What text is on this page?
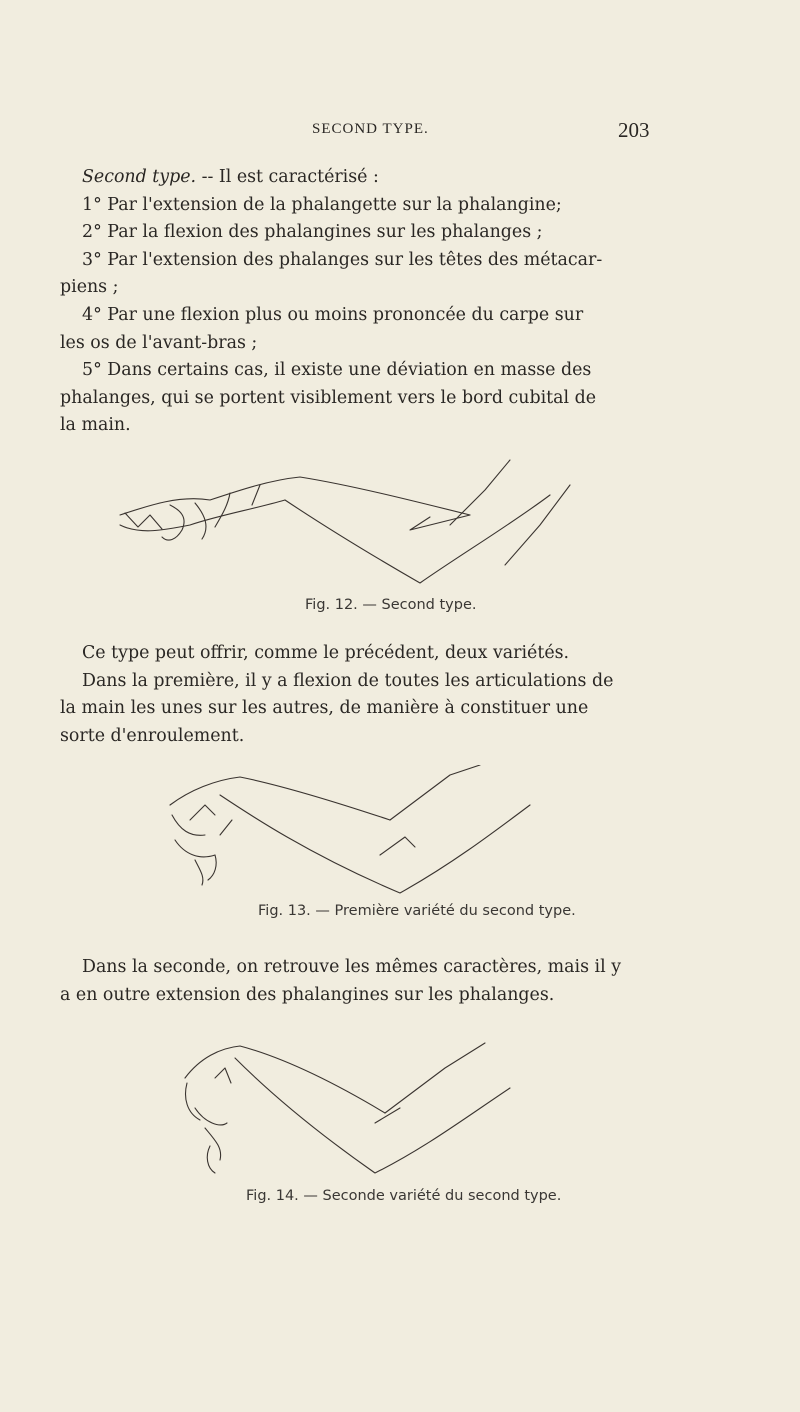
SECOND TYPE.	203
Second type. -- Il est caractérisé :
1° Par l'extension de la phalangette sur la phalangine;
2° Par la flexion des phalangines sur les phalanges ;
3° Par l'extension des phalanges sur les têtes des métacar-
piens ;
4° Par une flexion plus ou moins prononcée du carpe sur
les os de l'avant-bras ;
5° Dans certains cas, il existe une déviation en masse des
phalanges, qui se portent visiblement vers le bord cubital de
la main.
Fig. 12. — Second type.
Ce type peut offrir, comme le précédent, deux variétés.
Dans la première, il y a flexion de toutes les articulations de
la main les unes sur les autres, de manière à constituer une
sorte d'enroulement.
Fig. 13. — Première variété du second type.
Dans la seconde, on retrouve les mêmes caractères, mais il y
a en outre extension des phalangines sur les phalanges.
Fig. 14. — Seconde variété du second type.
